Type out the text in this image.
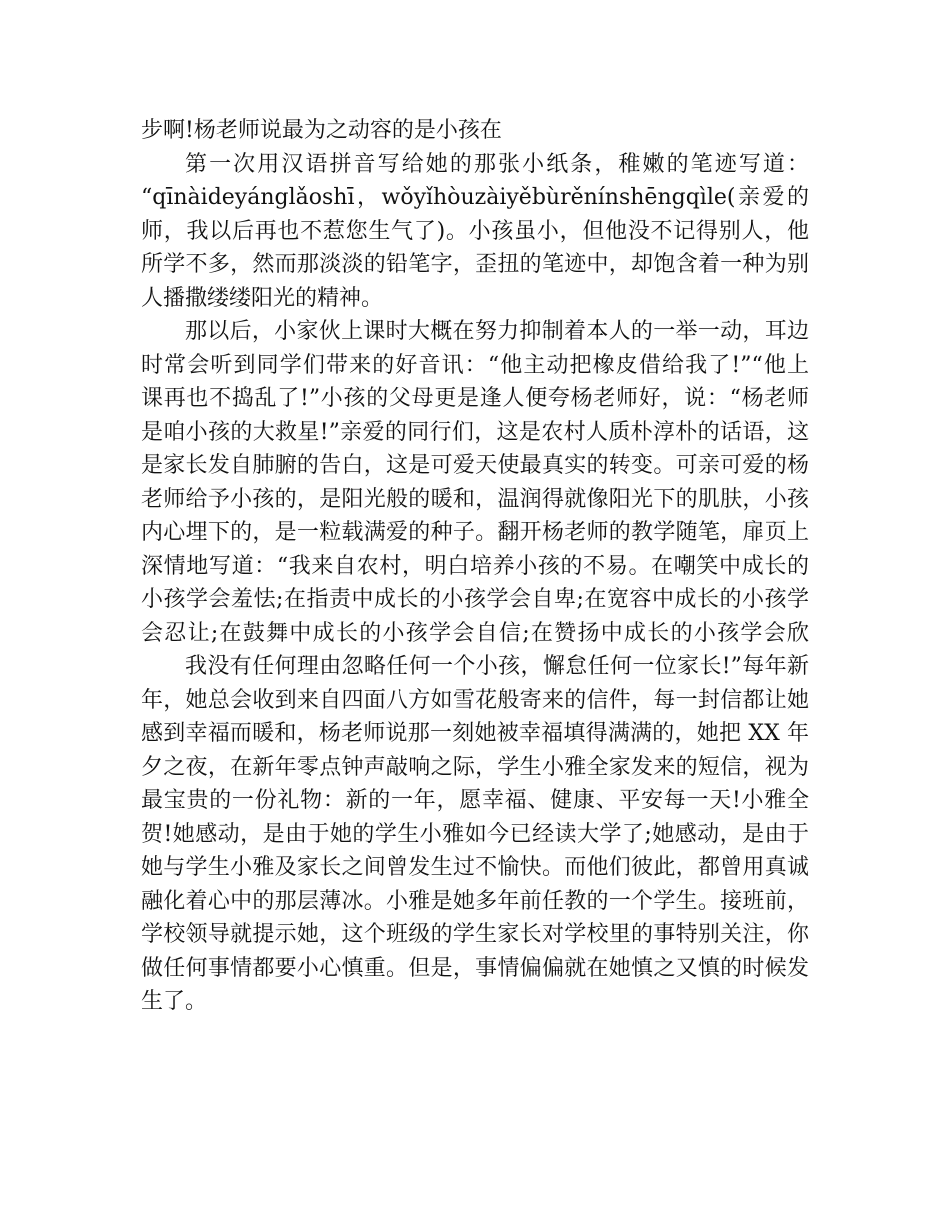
步啊!杨老师说最为之动容的是小孩在
第一次用汉语拼音写给她的那张小纸条，稚嫩的笔迹写道：
“qīnàideyánglǎoshī，wǒyǐhòuzàiyěbùrěnínshēngqìle(亲爱的
师，我以后再也不惹您生气了)。小孩虽小，但他没不记得别人，他
所学不多，然而那淡淡的铅笔字，歪扭的笔迹中，却饱含着一种为别
人播撒缕缕阳光的精神。
那以后，小家伙上课时大概在努力抑制着本人的一举一动，耳边
时常会听到同学们带来的好音讯：“他主动把橡皮借给我了!”“他上
课再也不捣乱了!”小孩的父母更是逢人便夸杨老师好，说：“杨老师
是咱小孩的大救星!”亲爱的同行们，这是农村人质朴淳朴的话语，这
是家长发自肺腑的告白，这是可爱天使最真实的转变。可亲可爱的杨
老师给予小孩的，是阳光般的暖和，温润得就像阳光下的肌肤，小孩
内心埋下的，是一粒载满爱的种子。翻开杨老师的教学随笔，扉页上
深情地写道：“我来自农村，明白培养小孩的不易。在嘲笑中成长的
小孩学会羞怯;在指责中成长的小孩学会自卑;在宽容中成长的小孩学
会忍让;在鼓舞中成长的小孩学会自信;在赞扬中成长的小孩学会欣
我没有任何理由忽略任何一个小孩，懈怠任何一位家长!”每年新
年，她总会收到来自四面八方如雪花般寄来的信件，每一封信都让她
感到幸福而暖和，杨老师说那一刻她被幸福填得满满的，她把 XX 年
夕之夜，在新年零点钟声敲响之际，学生小雅全家发来的短信，视为
最宝贵的一份礼物：新的一年，愿幸福、健康、平安每一天!小雅全
贺!她感动，是由于她的学生小雅如今已经读大学了;她感动，是由于
她与学生小雅及家长之间曾发生过不愉快。而他们彼此，都曾用真诚
融化着心中的那层薄冰。小雅是她多年前任教的一个学生。接班前，
学校领导就提示她，这个班级的学生家长对学校里的事特别关注，你
做任何事情都要小心慎重。但是，事情偏偏就在她慎之又慎的时候发
生了。
